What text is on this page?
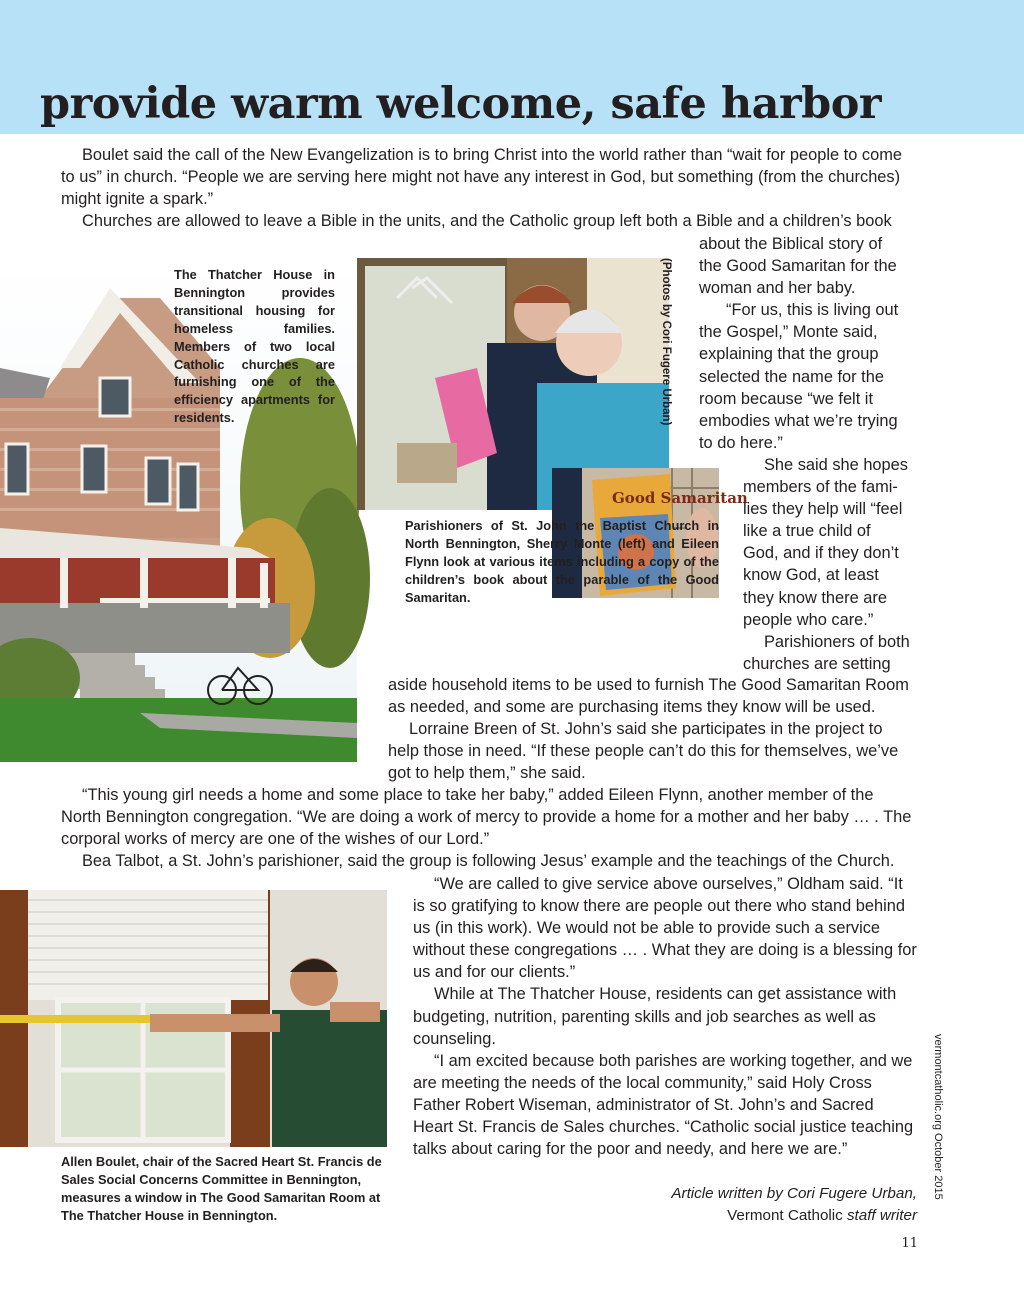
provide warm welcome, safe harbor

Boulet said the call of the New Evangelization is to bring Christ into the world rather than “wait for people to come to us” in church. “People we are serving here might not have any interest in God, but something (from the churches) might ignite a spark.”

Churches are allowed to leave a Bible in the units, and the Catholic group left both a Bible and a children’s book

The Thatcher House in Bennington provides transitional housing for homeless families. Members of two local Catholic churches are furnishing one of the efficiency apartments for residents.	(Photos by Cori Fugere Urban)
Good Samaritan

Parishioners of St. John the Baptist Church in North Bennington, Sherry Monte (left) and Eileen Flynn look at various items including a copy of the children’s book about the parable of the Good Samaritan.

about the Biblical story of
the Good Samaritan for the
woman and her baby.
“For us, this is living out
the Gospel,” Monte said,
explaining that the group
selected the name for the
room because “we felt it
embodies what we’re trying
to do here.”
She said she hopes
members of the fami-
lies they help will “feel
like a true child of
God, and if they don’t
know God, at least
they know there are
people who care.”
Parishioners of both
churches are setting

aside household items to be used to furnish The Good Samaritan Room as needed, and some are purchasing items they know will be used.

Lorraine Breen of St. John’s said she participates in the project to help those in need. “If these people can’t do this for themselves, we’ve got to help them,” she said.

“This young girl needs a home and some place to take her baby,” added Eileen Flynn, another member of the North Bennington congregation. “We are doing a work of mercy to provide a home for a mother and her baby … . The corporal works of mercy are one of the wishes of our Lord.”

Bea Talbot, a St. John’s parishioner, said the group is following Jesus’ example and the teachings of the Church.

Allen Boulet, chair of the Sacred Heart St. Francis de Sales Social Concerns Committee in Bennington, measures a window in The Good Samaritan Room at The Thatcher House in Bennington.

“We are called to give service above ourselves,” Oldham said. “It is so gratifying to know there are people out there who stand behind us (in this work). We would not be able to provide such a service without these congregations … . What they are doing is a blessing for us and for our clients.”

While at The Thatcher House, residents can get assistance with budgeting, nutrition, parenting skills and job searches as well as counseling.

“I am excited because both parishes are working together, and we are meeting the needs of the local community,” said Holy Cross Father Robert Wiseman, administrator of St. John’s and Sacred Heart St. Francis de Sales churches. “Catholic social justice teaching talks about caring for the poor and needy, and here we are.”

Article written by Cori Fugere Urban,
Vermont Catholic staff writer
vermontcatholic.org October 2015
11
